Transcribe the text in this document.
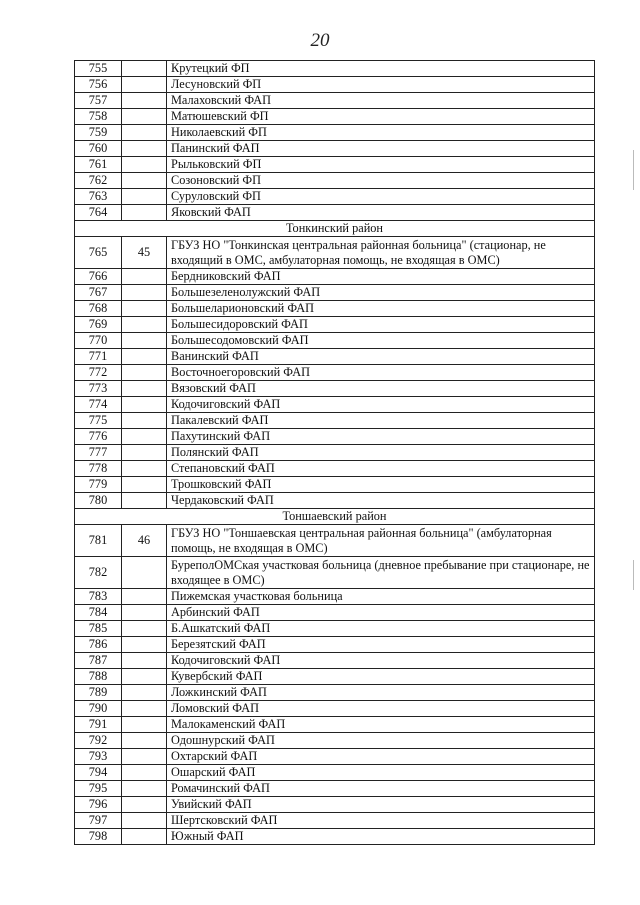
20
755		Крутецкий ФП
756		Лесуновский ФП
757		Малаховский ФАП
758		Матюшевский ФП
759		Николаевский ФП
760		Панинский ФАП
761		Рыльковский ФП
762		Созоновский ФП
763		Суруловский ФП
764		Яковский ФАП
Тонкинский район		
765	45	ГБУЗ НО "Тонкинская центральная районная больница" (стационар, не входящий в ОМС, амбулаторная помощь, не входящая в ОМС)
766		Бердниковский ФАП
767		Большезеленолужский ФАП
768		Большеларионовский ФАП
769		Большесидоровский ФАП
770		Большесодомовский ФАП
771		Ванинский ФАП
772		Восточноегоровский ФАП
773		Вязовский ФАП
774		Кодочиговский ФАП
775		Пакалевский ФАП
776		Пахутинский ФАП
777		Полянский ФАП
778		Степановский ФАП
779		Трошковский ФАП
780		Чердаковский ФАП
Тоншаевский район		
781	46	ГБУЗ НО "Тоншаевская центральная районная больница" (амбулаторная помощь, не входящая в ОМС)
782		БуреполОМСкая участковая больница (дневное пребывание при стационаре, не входящее в ОМС)
783		Пижемская участковая больница
784		Арбинский ФАП
785		Б.Ашкатский ФАП
786		Березятский ФАП
787		Кодочиговский ФАП
788		Кувербский ФАП
789		Ложкинский ФАП
790		Ломовский ФАП
791		Малокаменский ФАП
792		Одошнурский ФАП
793		Охтарский ФАП
794		Ошарский ФАП
795		Ромачинский ФАП
796		Увийский ФАП
797		Шертсковский ФАП
798		Южный ФАП
